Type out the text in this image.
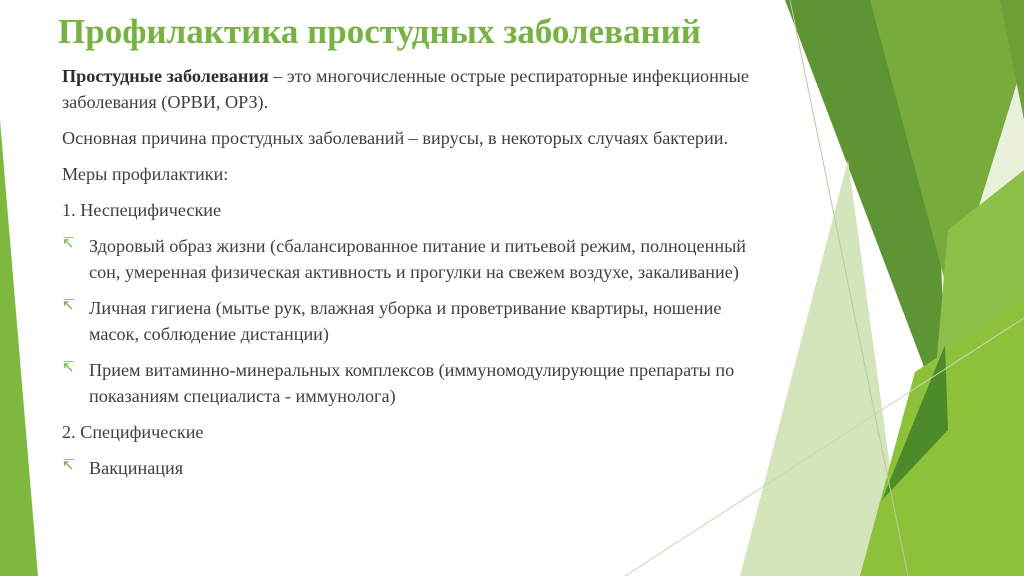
Профилактика простудных заболеваний
Простудные заболевания – это многочисленные острые респираторные инфекционные заболевания (ОРВИ, ОРЗ).
Основная причина простудных заболеваний – вирусы, в некоторых случаях бактерии.
Меры профилактики:
1. Неспецифические
↸ Здоровый образ жизни (сбалансированное питание и питьевой режим, полноценный сон, умеренная физическая активность и прогулки на свежем воздухе, закаливание)
↸ Личная гигиена (мытье рук, влажная уборка и проветривание квартиры, ношение масок, соблюдение дистанции)
↸ Прием витаминно-минеральных комплексов (иммуномодулирующие препараты по показаниям специалиста - иммунолога)
2. Специфические
↸ Вакцинация
